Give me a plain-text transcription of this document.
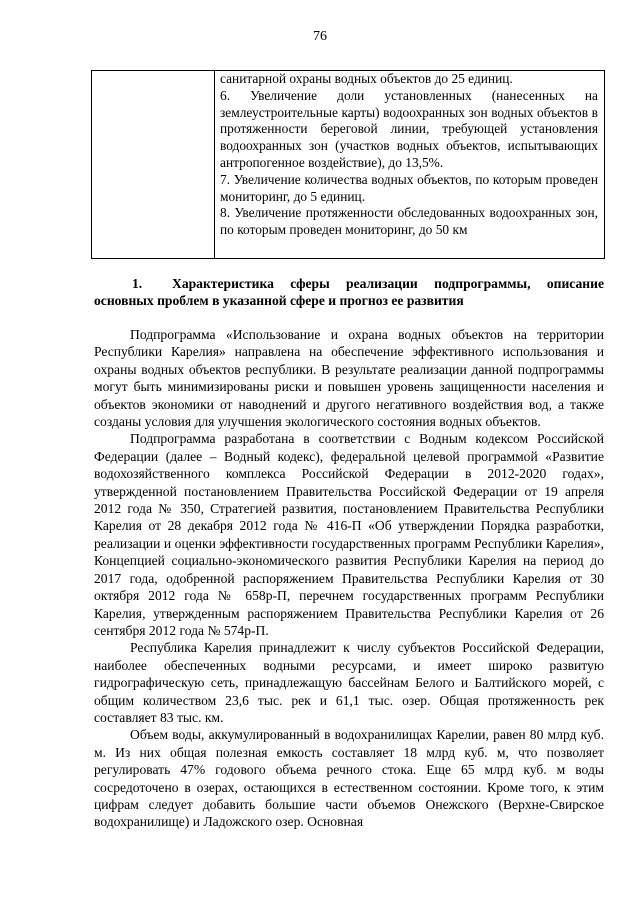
76

санитарной охраны водных объектов до 25 единиц.

6. Увеличение доли установленных (нанесенных на землеустроительные карты) водоохранных зон водных объектов в протяженности береговой линии, требующей установления водоохранных зон (участков водных объектов, испытывающих антропогенное воздействие), до 13,5%.

7. Увеличение количества водных объектов, по которым проведен мониторинг, до 5 единиц.

8. Увеличение протяженности обследованных водоохранных зон, по которым проведен мониторинг, до 50 км

1. Характеристика сферы реализации подпрограммы, описание основных проблем в указанной сфере и прогноз ее развития

Подпрограмма «Использование и охрана водных объектов на территории Республики Карелия» направлена на обеспечение эффективного использования и охраны водных объектов республики. В результате реализации данной подпрограммы могут быть минимизированы риски и повышен уровень защищенности населения и объектов экономики от наводнений и другого негативного воздействия вод, а также созданы условия для улучшения экологического состояния водных объектов.

Подпрограмма разработана в соответствии с Водным кодексом Российской Федерации (далее – Водный кодекс), федеральной целевой программой «Развитие водохозяйственного комплекса Российской Федерации в 2012-2020 годах», утвержденной постановлением Правительства Российской Федерации от 19 апреля 2012 года № 350, Стратегией развития, постановлением Правительства Республики Карелия от 28 декабря 2012 года № 416-П «Об утверждении Порядка разработки, реализации и оценки эффективности государственных программ Республики Карелия», Концепцией социально-экономического развития Республики Карелия на период до 2017 года, одобренной распоряжением Правительства Республики Карелия от 30 октября 2012 года № 658р-П, перечнем государственных программ Республики Карелия, утвержденным распоряжением Правительства Республики Карелия от 26 сентября 2012 года № 574р-П.

Республика Карелия принадлежит к числу субъектов Российской Федерации, наиболее обеспеченных водными ресурсами, и имеет широко развитую гидрографическую сеть, принадлежащую бассейнам Белого и Балтийского морей, с общим количеством 23,6 тыс. рек и 61,1 тыс. озер. Общая протяженность рек составляет 83 тыс. км.

Объем воды, аккумулированный в водохранилищах Карелии, равен 80 млрд куб. м. Из них общая полезная емкость составляет 18 млрд куб. м, что позволяет регулировать 47% годового объема речного стока. Еще 65 млрд куб. м воды сосредоточено в озерах, остающихся в естественном состоянии. Кроме того, к этим цифрам следует добавить большие части объемов Онежского (Верхне-Свирское водохранилище) и Ладожского озер. Основная
